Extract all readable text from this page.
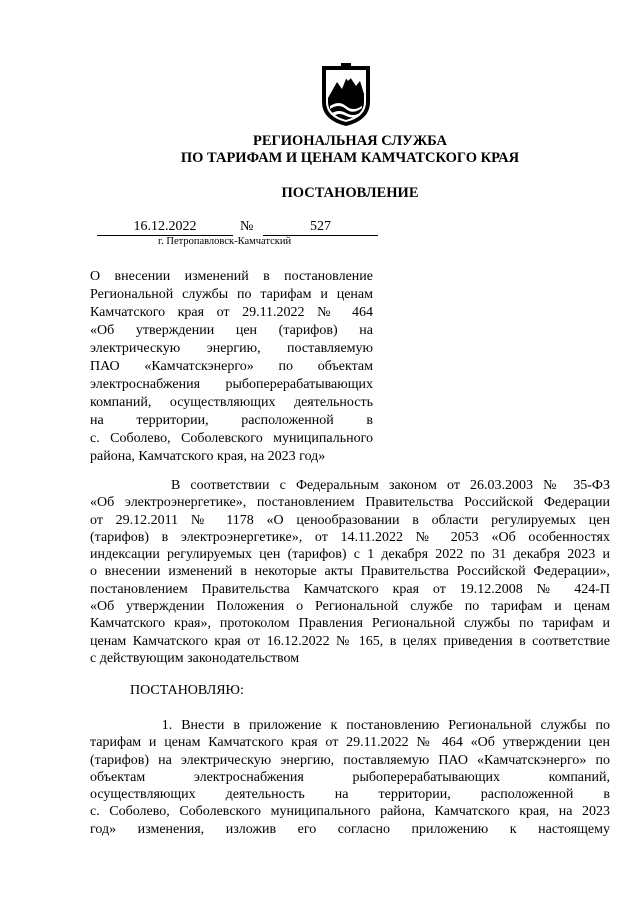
РЕГИОНАЛЬНАЯ СЛУЖБА
ПО ТАРИФАМ И ЦЕНАМ КАМЧАТСКОГО КРАЯ
ПОСТАНОВЛЕНИЕ
16.12.2022	№	527
г. Петропавловск-Камчатский
О внесении изменений в постановление
Региональной службы по тарифам и ценам
Камчатского края от 29.11.2022 № 464
«Об утверждении цен (тарифов) на
электрическую энергию, поставляемую
ПАО «Камчатскэнерго» по объектам
электроснабжения рыбоперерабатывающих
компаний, осуществляющих деятельность
на территории, расположенной в
с. Соболево, Соболевского муниципального
района, Камчатского края, на 2023 год»
В соответствии с Федеральным законом от 26.03.2003 № 35-ФЗ
«Об электроэнергетике», постановлением Правительства Российской Федерации
от 29.12.2011 № 1178 «О ценообразовании в области регулируемых цен
(тарифов) в электроэнергетике», от 14.11.2022 № 2053 «Об особенностях
индексации регулируемых цен (тарифов) с 1 декабря 2022 по 31 декабря 2023 и
о внесении изменений в некоторые акты Правительства Российской Федерации»,
постановлением Правительства Камчатского края от 19.12.2008 № 424-П
«Об утверждении Положения о Региональной службе по тарифам и ценам
Камчатского края», протоколом Правления Региональной службы по тарифам и
ценам Камчатского края от 16.12.2022 № 165, в целях приведения в соответствие
с действующим законодательством
ПОСТАНОВЛЯЮ:
1. Внести в приложение к постановлению Региональной службы по
тарифам и ценам Камчатского края от 29.11.2022 № 464 «Об утверждении цен
(тарифов) на электрическую энергию, поставляемую ПАО «Камчатскэнерго» по
объектам электроснабжения рыбоперерабатывающих компаний,
осуществляющих деятельность на территории, расположенной в
с. Соболево, Соболевского муниципального района, Камчатского края, на 2023
год» изменения, изложив его согласно приложению к настоящему
